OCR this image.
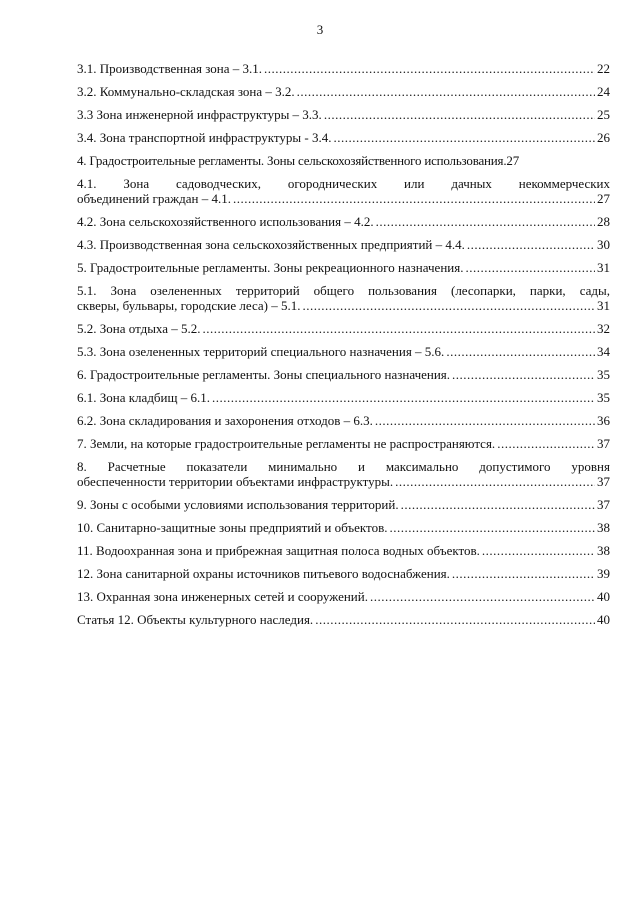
3
3.1. Производственная зона – 3.1. .....	22
3.2. Коммунально-складская зона – 3.2. .....	24
3.3 Зона инженерной инфраструктуры – 3.3. .....	25
3.4. Зона транспортной инфраструктуры - 3.4. .....	26
4. Градостроительные регламенты. Зоны сельскохозяйственного использования. 27
4.1. Зона садоводческих, огороднических или дачных некоммерческих
объединений граждан – 4.1. .....	27
4.2. Зона сельскохозяйственного использования – 4.2. .....	28
4.3. Производственная зона сельскохозяйственных предприятий – 4.4. .....	30
5. Градостроительные регламенты. Зоны рекреационного назначения. .....	31
5.1. Зона озелененных территорий общего пользования (лесопарки, парки, сады,
скверы, бульвары, городские леса) – 5.1. .....	31
5.2. Зона отдыха – 5.2. .....	32
5.3. Зона озелененных территорий специального назначения – 5.6. .....	34
6. Градостроительные регламенты. Зоны специального назначения. .....	35
6.1. Зона кладбищ – 6.1. .....	35
6.2. Зона складирования и захоронения отходов – 6.3. .....	36
7. Земли, на которые градостроительные регламенты не распространяются. .....	37
8. Расчетные показатели минимально и максимально допустимого уровня
обеспеченности территории объектами инфраструктуры. .....	37
9. Зоны с особыми условиями использования территорий. .....	37
10. Санитарно-защитные зоны предприятий и объектов. .....	38
11. Водоохранная зона и прибрежная защитная полоса водных объектов. .....	38
12. Зона санитарной охраны источников питьевого водоснабжения. .....	39
13. Охранная зона инженерных сетей и сооружений. .....	40
Статья 12. Объекты культурного наследия. .....	40
